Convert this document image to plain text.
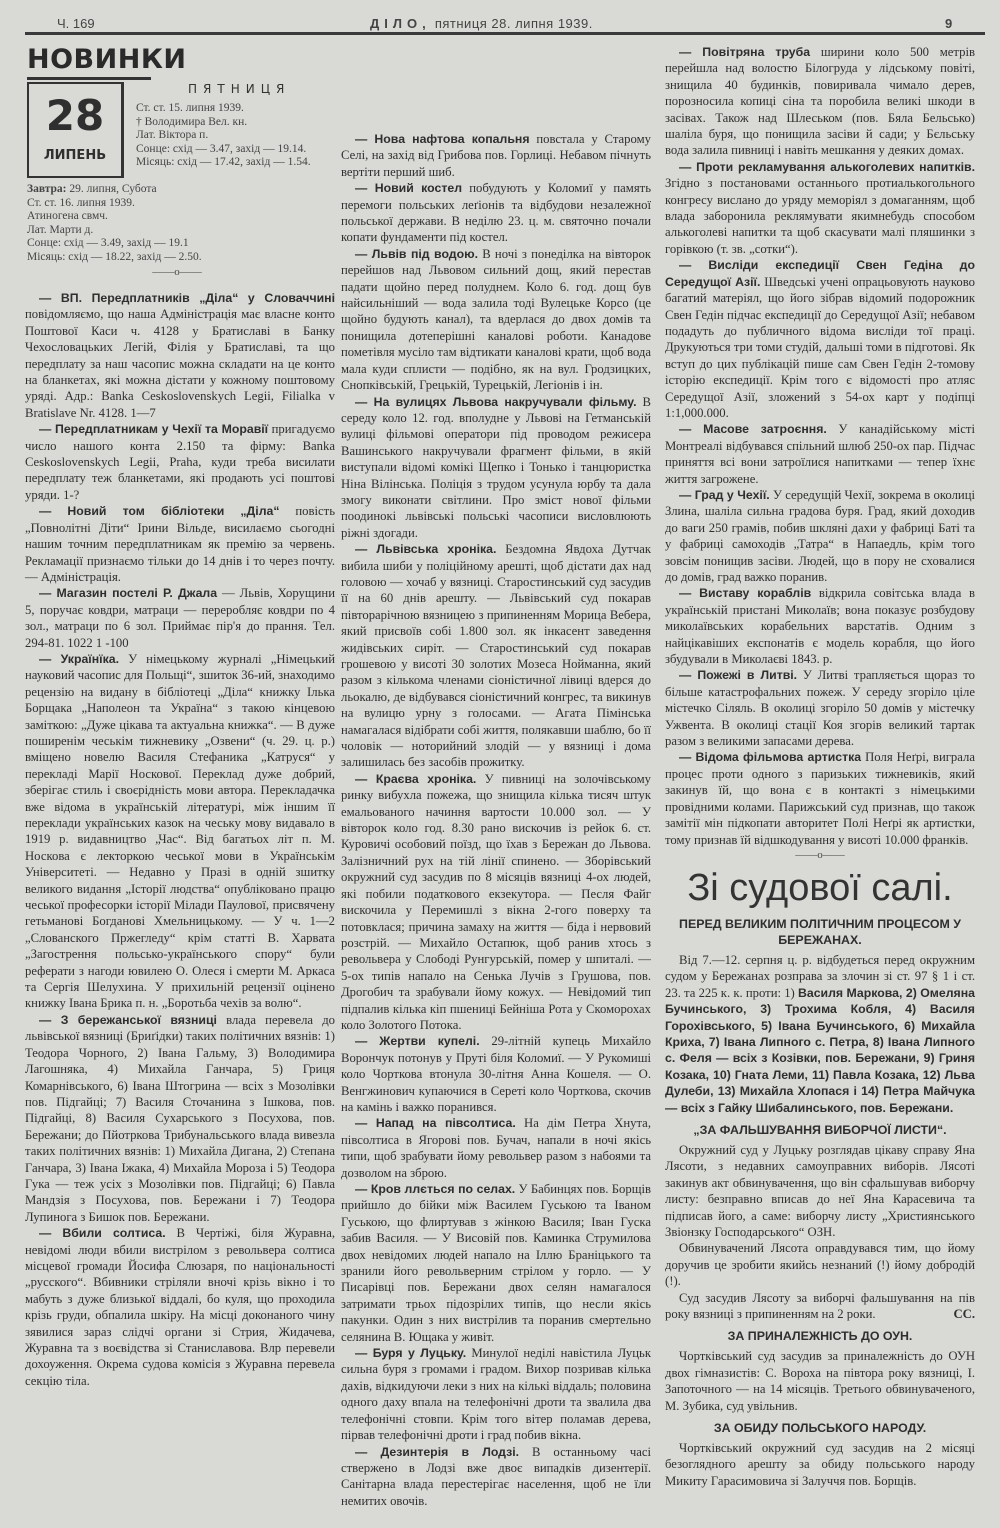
Ч. 169	ДІЛО, пятниця 28. липня 1939.	9
НОВИНКИ
28
ЛИПЕНЬ
ПЯТНИЦЯ
Ст. ст. 15. липня 1939.
† Володимира Вел. кн.
Лат. Віктора п.
Сонце: схід — 3.47, захід — 19.14.
Місяць: схід — 17.42, захід — 1.54.
Завтра: 29. липня, Субота
Ст. ст. 16. липня 1939.
Атиногена свмч.
Лат. Марти д.
Сонце: схід — 3.49, захід — 19.1
Місяць: схід — 18.22, захід — 2.50.
——o——

— ВП. Передплатників „Діла“ у Словаччині повідомляємо, що наша Адміністрація має власне конто Поштової Каси ч. 4128 у Братиславі в Банку Чехословацьких Легій, Філія у Братиславі, та що передплату за наш часопис можна складати на це конто на бланкетах, які можна дістати у кожному поштовому уряді. Адр.: Banka Ceskoslovenskych Legii, Filialka v Bratislave Nr. 4128. 1—7

— Передплатникам у Чехії та Моравії пригадуємо число нашого конта 2.150 та фірму: Banka Ceskoslovenskych Legii, Praha, куди треба висилати передплату теж бланкетами, які продають усі поштові уряди. 1-?

— Новий том бібліотеки „Діла“ повість „Повнолітні Діти“ Ірини Вільде, висилаємо сьогодні нашим точним передплатникам як премію за червень. Рекламації признаємо тільки до 14 днів і то через почту. — Адміністрація.

— Магазин постелі Р. Джала — Львів, Хорущини 5, поручає ковдри, матраци — переробляє ковдри по 4 зол., матраци по 6 зол. Приймає пір'я до прання. Тел. 294-81. 1022 1 -100

— Українїка. У німецькому журналі „Німецький науковий часопис для Польщі“, зшиток 36-ий, знаходимо рецензію на видану в бібліотеці „Діла“ книжку Ілька Борщака „Наполеон та Україна“ з такою кінцевою заміткою: „Дуже цікава та актуальна книжка“. — В дуже поширенім чеськім тижневику „Озвени“ (ч. 29. ц. р.) вміщено новелю Василя Стефаника „Катруся“ у перекладі Марії Носкової. Переклад дуже добрий, зберігає стиль і своєрідність мови автора. Перекладачка вже відома в українській літературі, між іншим її переклади українських казок на чеську мову видавало в 1919 р. видавництво „Час“. Від багатьох літ п. М. Носкова є лекторкою чеської мови в Українськім Університеті. — Недавно у Празі в одній зшитку великого видання „Історії людства“ опубліковано працю чеської професорки історії Мілади Паулової, присвячену гетьманові Богданові Хмельницькому. — У ч. 1—2 „Слованского Пржегледу“ крім статті В. Харвата „Загострення польсько-українського спору“ були реферати з нагоди ювилею О. Олеся і смерти М. Аркаса та Сергія Шелухина. У прихильній рецензії оцінено книжку Івана Брика п. н. „Боротьба чехів за волю“.

— З бережанської вязниці влада перевела до львівської вязниці (Бриґідки) таких політичних вязнів: 1) Теодора Чорного, 2) Івана Гальму, 3) Володимира Лагошняка, 4) Михайла Ганчара, 5) Гриця Комарнівського, 6) Івана Штогрина — всіх з Мозолівки пов. Підгайці; 7) Василя Сточанина з Ішкова, пов. Підгайці, 8) Василя Сухарського з Посухова, пов. Бережани; до Пйотркова Трибунальського влада вивезла таких політичних вязнів: 1) Михайла Дигана, 2) Степана Ганчара, 3) Івана Іжака, 4) Михайла Мороза і 5) Теодора Гука — теж усіх з Мозолівки пов. Підгайці; 6) Павла Мандзія з Посухова, пов. Бережани і 7) Теодора Лупинога з Бишок пов. Бережани.

— Вбили солтиса. В Чертіжі, біля Журавна, невідомі люди вбили вистрілом з револьвера солтиса місцевої громади Йосифа Слюзаря, по національності „русского“. Вбивники стріляли вночі крізь вікно і то мабуть з дуже близької віддалі, бо куля, що проходила крізь груди, обпалила шкіру. На місці доконаного чину зявилися зараз слідчі органи зі Стрия, Жидачева, Журавна та з воєвідства зі Станиславова. Влр перевели дохоуження. Окрема судова комісія з Журавна перевела секцію тіла.

— Нова нафтова копальня повстала у Старому Селі, на захід від Грибова пов. Горлиці. Небавом пічнуть вертіти перший шиб.

— Новий костел побудують у Коломиї у память перемоги польських леґіонів та відбудови незалежної польської держави. В неділю 23. ц. м. святочно почали копати фундаменти під костел.

— Львів під водою. В ночі з понеділка на вівторок перейшов над Львовом сильний дощ, який перестав падати щойно перед полуднем. Коло 6. год. дощ був найсильніший — вода залила тоді Вулецьке Корсо (це щойно будують канал), та вдерлася до двох домів та понищила дотеперішні каналові роботи. Канадове пометівля мусіло там відтикати каналові крати, щоб вода мала куди сплисти — подібно, як на вул. Гродзицких, Снопківській, Грецькій, Турецькій, Легіонів і ін.

— На вулицях Львова накручували фільму. В середу коло 12. год. вполудне у Львові на Гетманській вулиці фільмові оператори під проводом режисера Вашинського накручували фрагмент фільми, в якій виступали відомі комікі Щепко і Тонько і танцюристка Ніна Вілінська. Поліція з трудом усунула юрбу та дала змогу виконати світлини. Про зміст нової фільми поодинокі львівські польські часописи висловлюють ріжні здогади.

— Львівська хроніка. Бездомна Явдоха Дутчак вибила шиби у поліційному арешті, щоб дістати дах над головою — хочаб у вязниці. Старостинський суд засудив її на 60 днів арешту. — Львівський суд покарав півторарічною вязницею з припиненням Морица Вебера, який присвоїв собі 1.800 зол. як інкасент заведення жидівських сиріт. — Старостинський суд покарав грошевою у висоті 30 золотих Мозеса Нойманна, який разом з кількома членами сіоністичної лівиці вдерся до льокалю, де відбувався сіоністичний конгрес, та викинув на вулицю урну з голосами. — Агата Пімінська намагалася відібрати собі життя, полякавши шаблю, бо її чоловік — нотоpийний злодій — у вязниці і дома залишилась без засобів прожитку.

— Краєва хроніка. У пивниці на золочівському ринку вибухла пожежа, що знищила кілька тисяч штук емальованого начиння вартости 10.000 зол. — У вівторок коло год. 8.30 рано вискочив із рейок 6. ст. Куровичі особовий поїзд, що їхав з Бережан до Львова. Залізничний рух на тій лінії спинено. — Зборівський окружний суд засудив по 8 місяців вязниці 4-ох людей, які побили податкового екзекутора. — Песля Файг вискочила у Перемишлі з вікна 2-гого поверху та потовклася; причина замаху на життя — біда і нервовий розстрій. — Михайло Остапюк, щоб ранив хтось з револьвера у Слободі Рунгурській, помер у шпиталі. — 5-ох типів напало на Сенька Лучів з Грушова, пов. Дрогобич та зрабували йому кожух. — Невідомий тип підпалив кілька кіп пшениці Бейніша Рота у Скоморохах коло Золотого Потока.

— Жертви купелі. 29-літній купець Михайло Ворончук потонув у Пруті біля Коломиї. — У Рукомиші коло Чорткова втонула 30-літня Анна Кошеля. — О. Венгжинович купаючися в Сереті коло Чорткова, скочив на камінь і важко поранився.

— Напад на півсолтиса. На дім Петра Хнута, півсолтиса в Ягорові пов. Бучач, напали в ночі якісь типи, щоб зрабувати йому револьвер разом з набоями та дозволом на зброю.

— Кров ллється по селах. У Бабинцях пов. Борщів прийшло до бійки між Василем Гуською та Іваном Гуською, що флиртував з жінкою Василя; Іван Гуска забив Василя. — У Висовій пов. Каминка Струмилова двох невідомих людей напало на Іллю Браніцького та зранили його револьверним стрілом у горло. — У Писарівці пов. Бережани двох селян намагалося затримати трьох підозрілих типів, що несли якісь пакунки. Один з них вистрілив та поранив смертельно селянина В. Ющака у живіт.

— Буря у Луцьку. Минулої неділі навістила Луцьк сильна буря з громами і градом. Вихор позривав кілька дахів, відкидуючи леки з них на кількі віддаль; половина одного даху впала на телефонічні дроти та звалила два телефонічні стовпи. Крім того вітер поламав дерева, пірвав телефонічні дроти і град побив вікна.

— Дезинтерія в Лодзі. В останньому часі ствержено в Лодзі вже двоє випадків дизентерії. Санітарна влада перестерігає населення, щоб не їли немитих овочів.

— Повітряна труба ширини коло 500 метрів перейшла над волостю Білогруда у лідському повіті, знищила 40 будинків, повиривала чимало дерев, порозносила копиці сіна та поробила великі шкоди в засівах. Також над Шлеськом (пов. Бяла Бельсько) шаліла буря, що понищила засіви й сади; у Бєльську вода залила пивниці і навіть мешкання у деяких домах.

— Проти рекламування алькоголевих напитків. Згідно з постановами останнього протиалькогольного конгресу вислано до уряду меморіял з домаганням, щоб влада заборонила реклямувати якимнебудь способом алькоголеві напитки та щоб скасувати малі пляшинки з горівкою (т. зв. „сотки“).

— Висліди експедиції Свен Гедіна до Середущої Азії. Шведські учені опрацьовують науково багатий матеріял, що його зібрав відомий подорожник Свен Гедін підчас експедиції до Середущої Азії; небавом подадуть до публичного відома висліди тої праці. Друкуються три томи студій, дальші томи в підготові. Як вступ до цих публікацій пише сам Свен Гедін 2-томову історію експедиції. Крім того є відомості про атляс Середущої Азії, зложений з 54-ох карт у подіпці 1:1,000.000.

— Масове затроєння. У канадійському місті Монтреалі відбувався спільний шлюб 250-ох пар. Підчас приняття всі вони затроїлися напитками — тепер їхнє життя загрожене.

— Град у Чехії. У середущій Чехії, зокрема в околиці Злина, шаліла сильна градова буря. Град, який доходив до ваги 250 грамів, побив шкляні дахи у фабриці Баті та у фабриці самоходів „Татра“ в Напаедль, крім того зовсім понищив засіви. Людей, що в пору не сховалися до домів, град важко поранив.

— Виставу кораблів відкрила совітська влада в українській пристані Миколаїв; вона показує розбудову миколаївських корабельних варстатів. Одним з найцікавіших експонатів є модель корабля, що його збудували в Миколаєві 1843. р.

— Пожежі в Литві. У Литві трапляється щораз то більше катастрофальних пожеж. У середу згоріло ціле містечко Сіляль. В околиці згоріло 50 домів у містечку Ужвента. В околиці стації Коя згорів великий тартак разом з великими запасами дерева.

— Відома фільмова артистка Поля Неґрі, виграла процес проти одного з паризьких тижневиків, який закинув їй, що вона є в контакті з німецькими провідними колами. Парижський суд признав, що також замітії мін підкопати авторитет Полі Неґрі як артистки, тому признав їй відшкодування у висоті 10.000 франків.

——o——
Зі судової салі.
ПЕРЕД ВЕЛИКИМ ПОЛІТИЧНИМ ПРОЦЕСОМ У БЕРЕЖАНАХ.

Від 7.—12. серпня ц. р. відбудеться перед окружним судом у Бережанах розправа за злочин зі ст. 97 § 1 і ст. 23. та 225 к. к. проти: 1) Василя Маркова, 2) Омеляна Бучинського, 3) Трохима Кобля, 4) Василя Горохівського, 5) Івана Бучинського, 6) Михайла Криха, 7) Івана Липного с. Петра, 8) Івана Липного с. Феля — всіх з Козівки, пов. Бережани, 9) Гриня Козака, 10) Гната Леми, 11) Павла Козака, 12) Льва Дулеби, 13) Михайла Хлопася і 14) Петра Майчука — всіх з Гайку Шибалинського, пов. Бережани.

„ЗА ФАЛЬШУВАННЯ ВИБОРЧОЇ ЛИСТИ“.

Окружний суд у Луцьку розглядав цікаву справу Яна Лясоти, з недавних самоуправних виборів. Лясоті закинув акт обвинувачення, що він сфальшував виборчу листу: безправно вписав до неї Яна Карасевича та підписав його, а саме: виборчу листу „Християнського Звіонзку Господарського“ ОЗН.

Обвинувачений Лясота оправдувався тим, що йому доручив це зробити якийсь незнаний (!) йому добродій (!).

Суд засудив Лясоту за виборчі фальшування на пів року вязниці з припиненням на 2 роки.	СС.

ЗА ПРИНАЛЕЖНІСТЬ ДО ОУН.

Чортківський суд засудив за приналежність до ОУН двох гімназистів: С. Вороха на півтора року вязниці, І. Запоточного — на 14 місяців. Третього обвинуваченого, М. Зубика, суд увільнив.

ЗА ОБИДУ ПОЛЬСЬКОГО НАРОДУ.

Чортківський окружний суд засудив на 2 місяці безоглядного арешту за обиду польського народу Микиту Гарасимовича зі Залуччя пов. Борщів.
